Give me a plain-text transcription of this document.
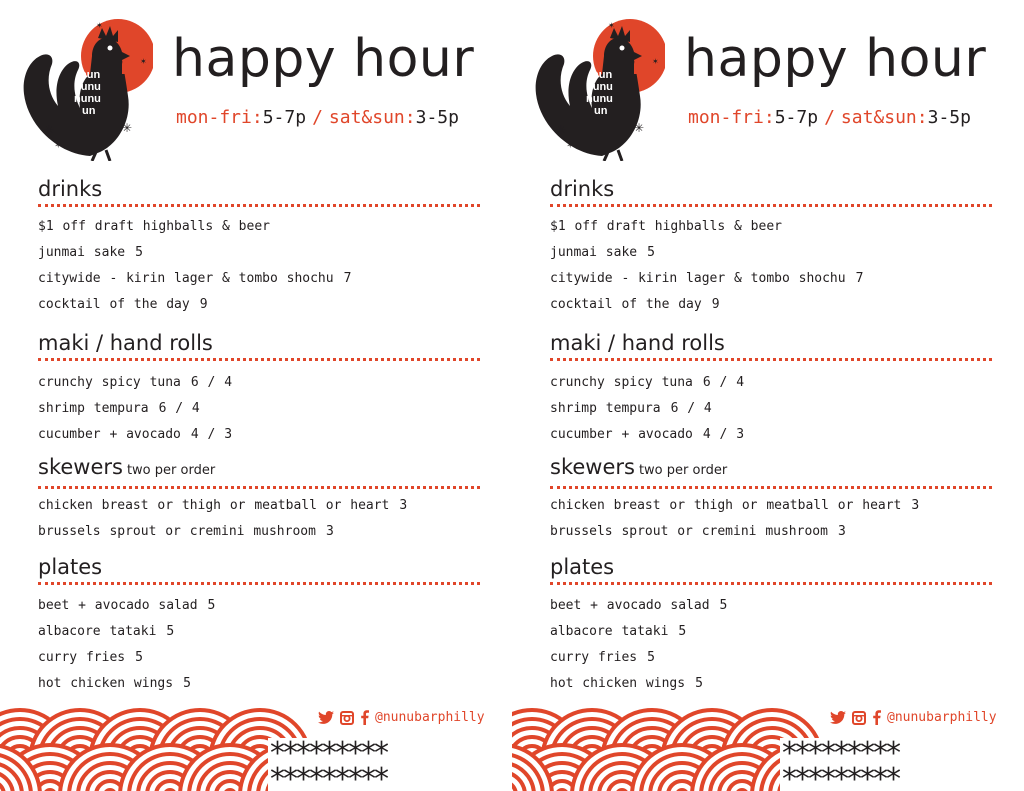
nun
nunu
nunu
un
✳	✳
✶
✶
✶ happy hour
mon-fri:5-7p / sat&sun:3-5p
drinks
$1 off draft highballs & beer
junmai sake 5
citywide - kirin lager & tombo shochu 7
cocktail of the day 9
maki / hand rolls
crunchy spicy tuna 6 / 4
shrimp tempura 6 / 4
cucumber + avocado 4 / 3
skewers two per order
chicken breast or thigh or meatball or heart 3
brussels sprout or cremini mushroom 3
plates
beet + avocado salad 5
albacore tataki 5
curry fries 5
hot chicken wings 5
@nunubarphilly
*********
*********
nun
nunu
nunu
un
✳	✳
✶
✶
✶ happy hour
mon-fri:5-7p / sat&sun:3-5p
drinks
$1 off draft highballs & beer
junmai sake 5
citywide - kirin lager & tombo shochu 7
cocktail of the day 9
maki / hand rolls
crunchy spicy tuna 6 / 4
shrimp tempura 6 / 4
cucumber + avocado 4 / 3
skewers two per order
chicken breast or thigh or meatball or heart 3
brussels sprout or cremini mushroom 3
plates
beet + avocado salad 5
albacore tataki 5
curry fries 5
hot chicken wings 5
@nunubarphilly
*********
*********
